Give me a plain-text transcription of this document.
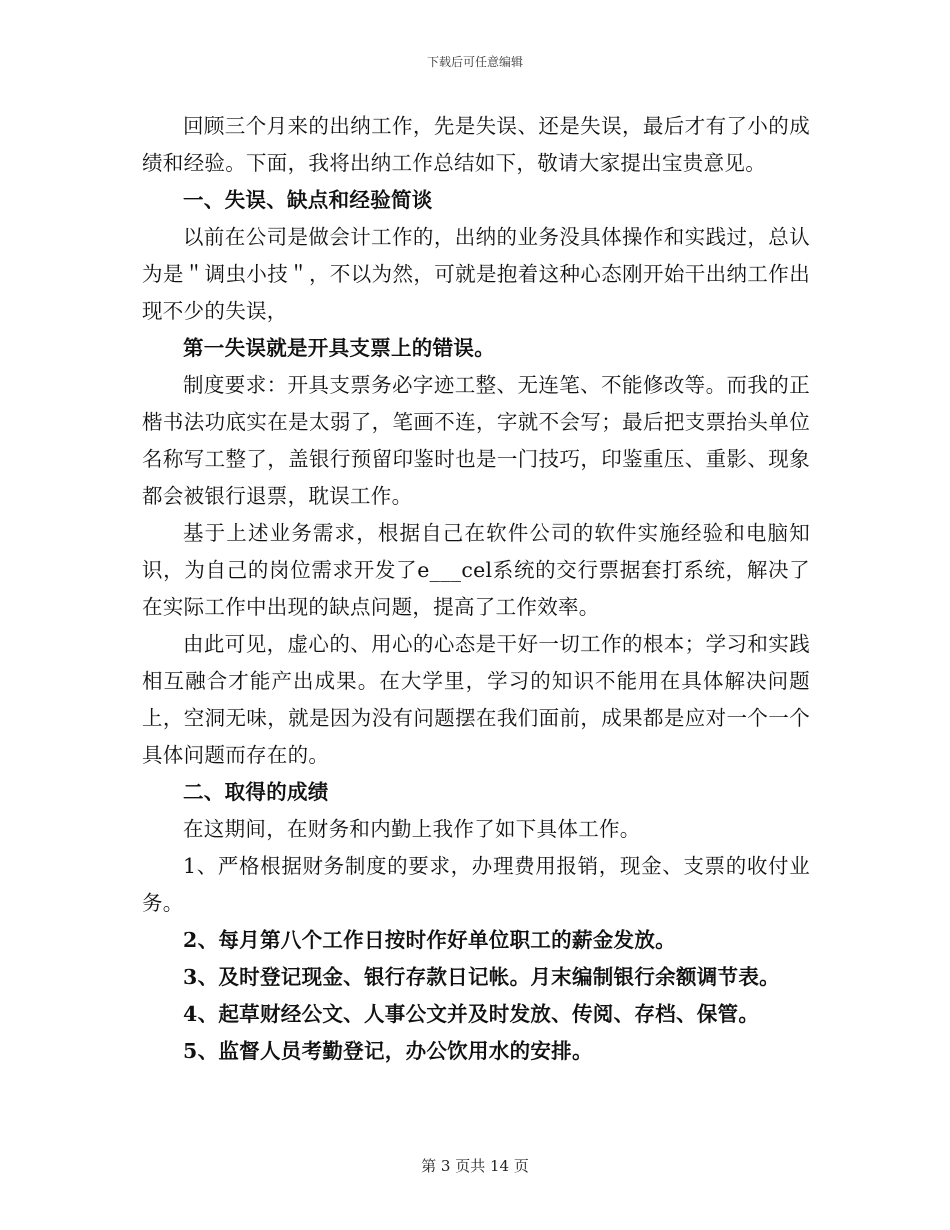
下载后可任意编辑

回顾三个月来的出纳工作，先是失误、还是失误，最后才有了小的成绩和经验。下面，我将出纳工作总结如下，敬请大家提出宝贵意见。

一、失误、缺点和经验简谈

以前在公司是做会计工作的，出纳的业务没具体操作和实践过，总认为是＂调虫小技＂，不以为然，可就是抱着这种心态刚开始干出纳工作出现不少的失误，

第一失误就是开具支票上的错误。

制度要求：开具支票务必字迹工整、无连笔、不能修改等。而我的正楷书法功底实在是太弱了，笔画不连，字就不会写；最后把支票抬头单位名称写工整了，盖银行预留印鉴时也是一门技巧，印鉴重压、重影、现象都会被银行退票，耽误工作。

基于上述业务需求，根据自己在软件公司的软件实施经验和电脑知识，为自己的岗位需求开发了e___cel系统的交行票据套打系统，解决了在实际工作中出现的缺点问题，提高了工作效率。

由此可见，虚心的、用心的心态是干好一切工作的根本；学习和实践相互融合才能产出成果。在大学里，学习的知识不能用在具体解决问题上，空洞无味，就是因为没有问题摆在我们面前，成果都是应对一个一个具体问题而存在的。

二、取得的成绩

在这期间，在财务和内勤上我作了如下具体工作。

1、严格根据财务制度的要求，办理费用报销，现金、支票的收付业务。

2、每月第八个工作日按时作好单位职工的薪金发放。

3、及时登记现金、银行存款日记帐。月末编制银行余额调节表。

4、起草财经公文、人事公文并及时发放、传阅、存档、保管。

5、监督人员考勤登记，办公饮用水的安排。

第 3 页共 14 页
